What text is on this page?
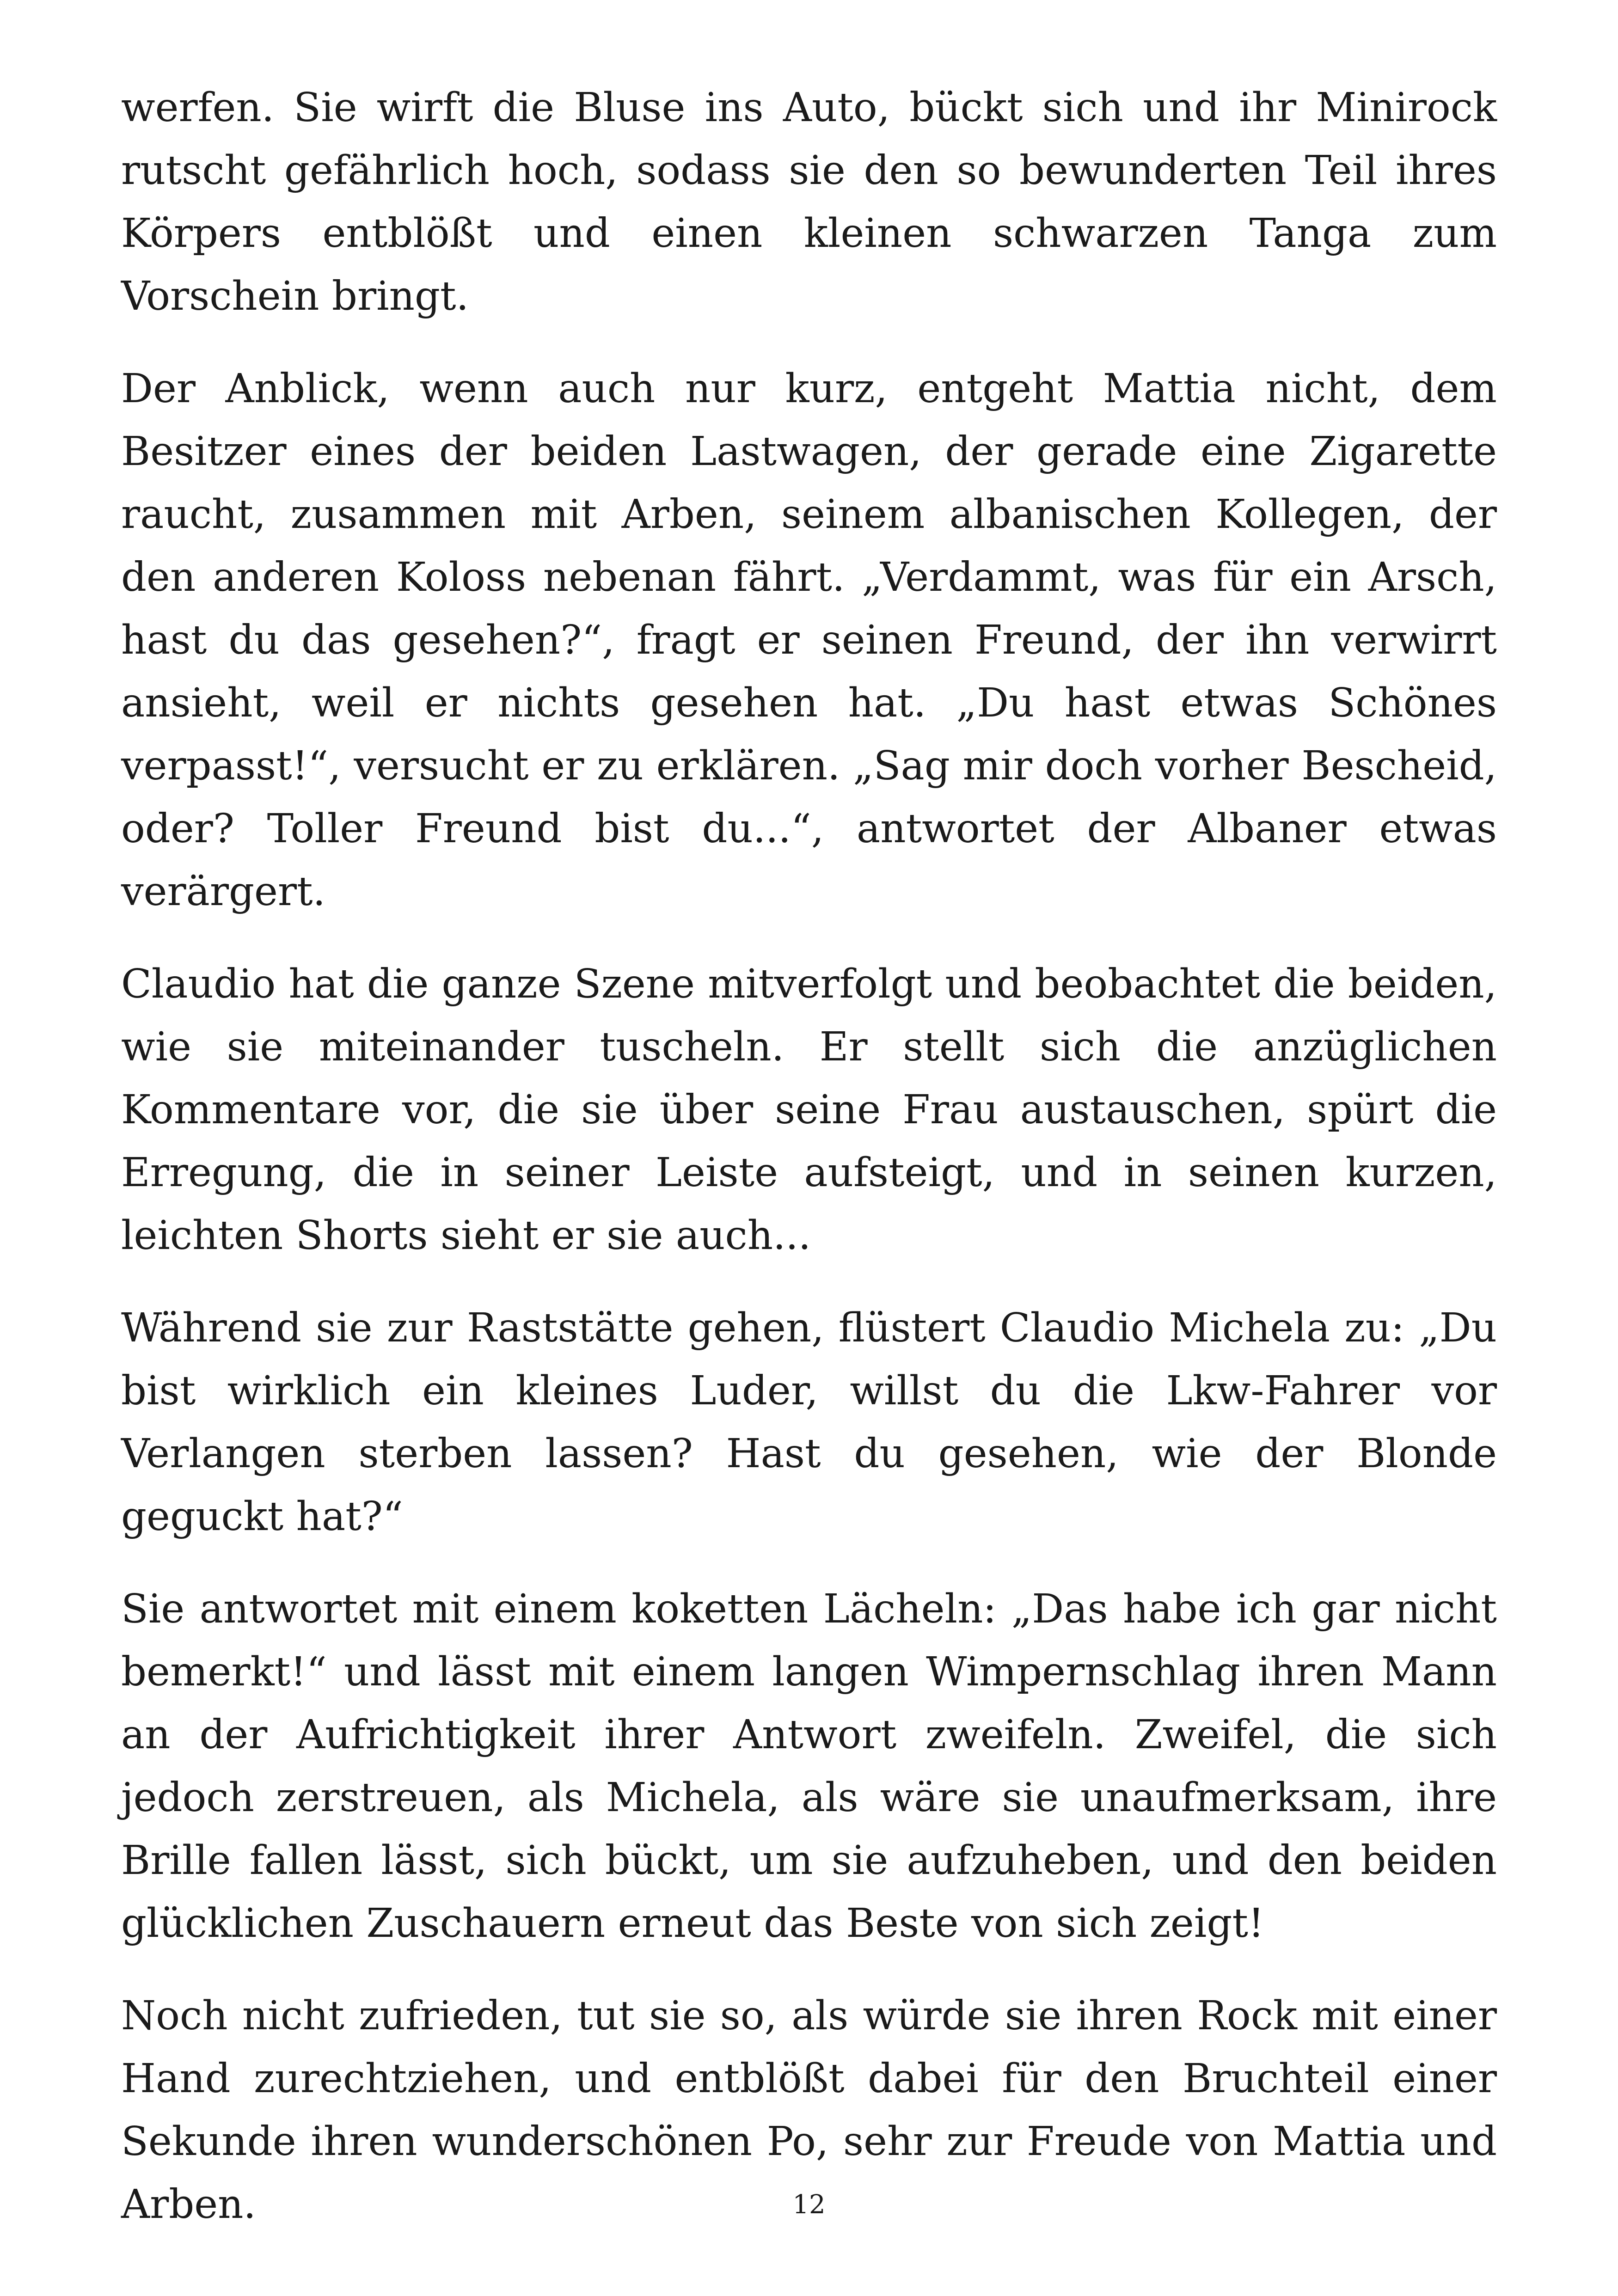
werfen. Sie wirft die Bluse ins Auto, bückt sich und ihr Minirock rutscht gefährlich hoch, sodass sie den so bewunderten Teil ihres Körpers entblößt und einen kleinen schwarzen Tanga zum Vorschein bringt.

Der Anblick, wenn auch nur kurz, entgeht Mattia nicht, dem Besitzer eines der beiden Lastwagen, der gerade eine Zigarette raucht, zusammen mit Arben, seinem albanischen Kollegen, der den anderen Koloss nebenan fährt. „Verdammt, was für ein Arsch, hast du das gesehen?“, fragt er seinen Freund, der ihn verwirrt ansieht, weil er nichts gesehen hat. „Du hast etwas Schönes verpasst!“, versucht er zu erklären. „Sag mir doch vorher Bescheid, oder? Toller Freund bist du...“, antwortet der Albaner etwas verärgert.

Claudio hat die ganze Szene mitverfolgt und beobachtet die beiden, wie sie miteinander tuscheln. Er stellt sich die anzüglichen Kommentare vor, die sie über seine Frau austauschen, spürt die Erregung, die in seiner Leiste aufsteigt, und in seinen kurzen, leichten Shorts sieht er sie auch...

Während sie zur Raststätte gehen, flüstert Claudio Michela zu: „Du bist wirklich ein kleines Luder, willst du die Lkw-Fahrer vor Verlangen sterben lassen? Hast du gesehen, wie der Blonde geguckt hat?“

Sie antwortet mit einem koketten Lächeln: „Das habe ich gar nicht bemerkt!“ und lässt mit einem langen Wimpernschlag ihren Mann an der Aufrichtigkeit ihrer Antwort zweifeln. Zweifel, die sich jedoch zerstreuen, als Michela, als wäre sie unaufmerksam, ihre Brille fallen lässt, sich bückt, um sie aufzuheben, und den beiden glücklichen Zuschauern erneut das Beste von sich zeigt!

Noch nicht zufrieden, tut sie so, als würde sie ihren Rock mit einer Hand zurechtziehen, und entblößt dabei für den Bruchteil einer Sekunde ihren wunderschönen Po, sehr zur Freude von Mattia und Arben.	12
